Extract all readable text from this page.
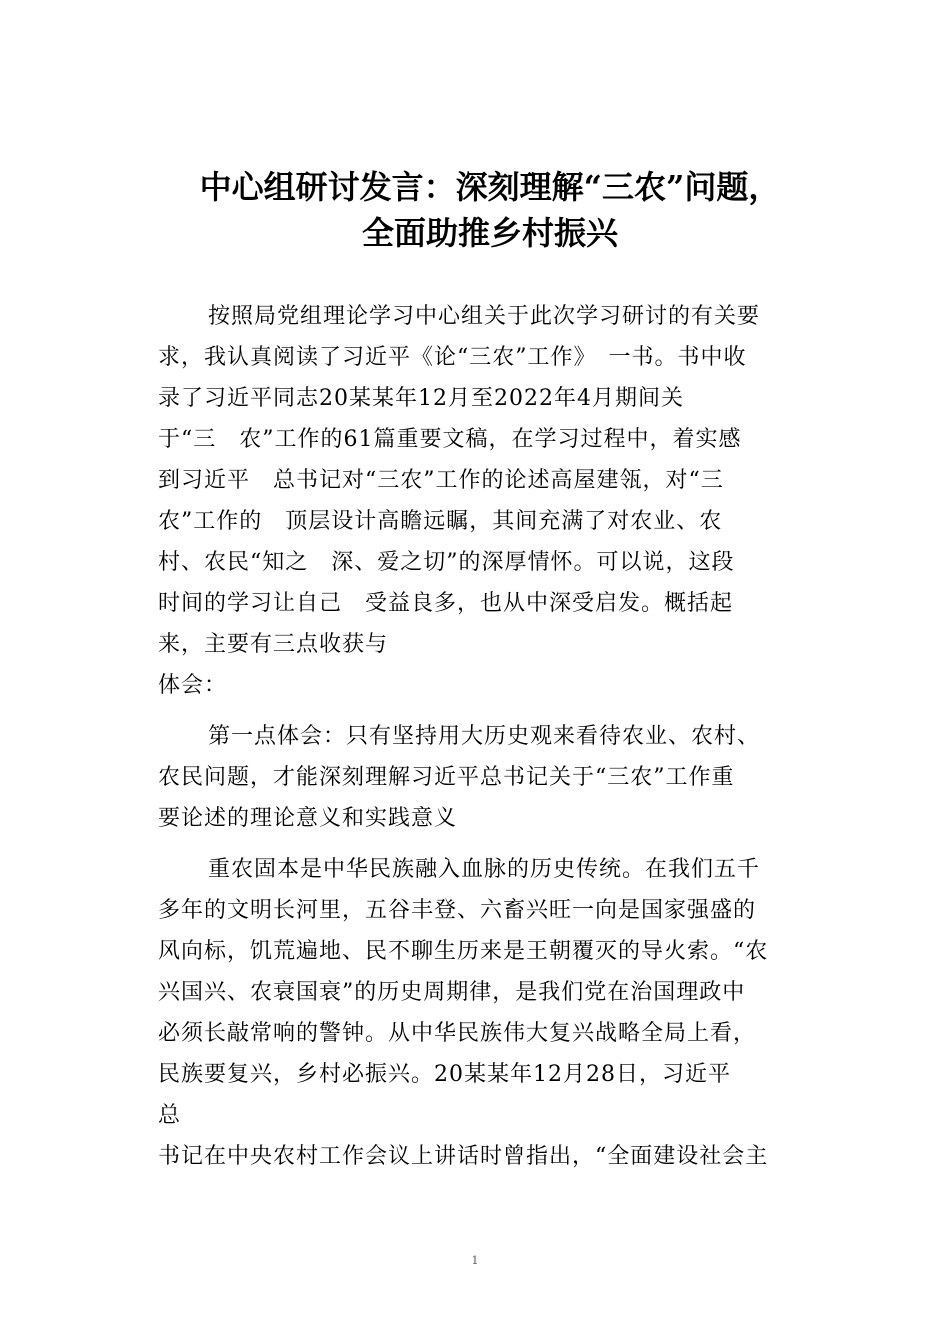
中心组研讨发言：深刻理解“三农”问题，
全面助推乡村振兴

按照局党组理论学习中心组关于此次学习研讨的有关要
求，我认真阅读了习近平《论“三农”工作》　一书。书中收
录了习近平同志20某某年12月至2022年4月期间关
于“三　农”工作的61篇重要文稿，在学习过程中，着实感
到习近平　总书记对“三农”工作的论述高屋建瓴，对“三
农”工作的　顶层设计高瞻远瞩，其间充满了对农业、农
村、农民“知之　深、爱之切”的深厚情怀。可以说，这段
时间的学习让自己　受益良多，也从中深受启发。概括起
来，主要有三点收获与
体会：

第一点体会：只有坚持用大历史观来看待农业、农村、
农民问题，才能深刻理解习近平总书记关于“三农”工作重
要论述的理论意义和实践意义

重农固本是中华民族融入血脉的历史传统。在我们五千
多年的文明长河里，五谷丰登、六畜兴旺一向是国家强盛的
风向标，饥荒遍地、民不聊生历来是王朝覆灭的导火索。“农
兴国兴、农衰国衰”的历史周期律，是我们党在治国理政中
必须长敲常响的警钟。从中华民族伟大复兴战略全局上看，
民族要复兴，乡村必振兴。20某某年12月28日，习近平
总
书记在中央农村工作会议上讲话时曾指出，“全面建设社会主

1
